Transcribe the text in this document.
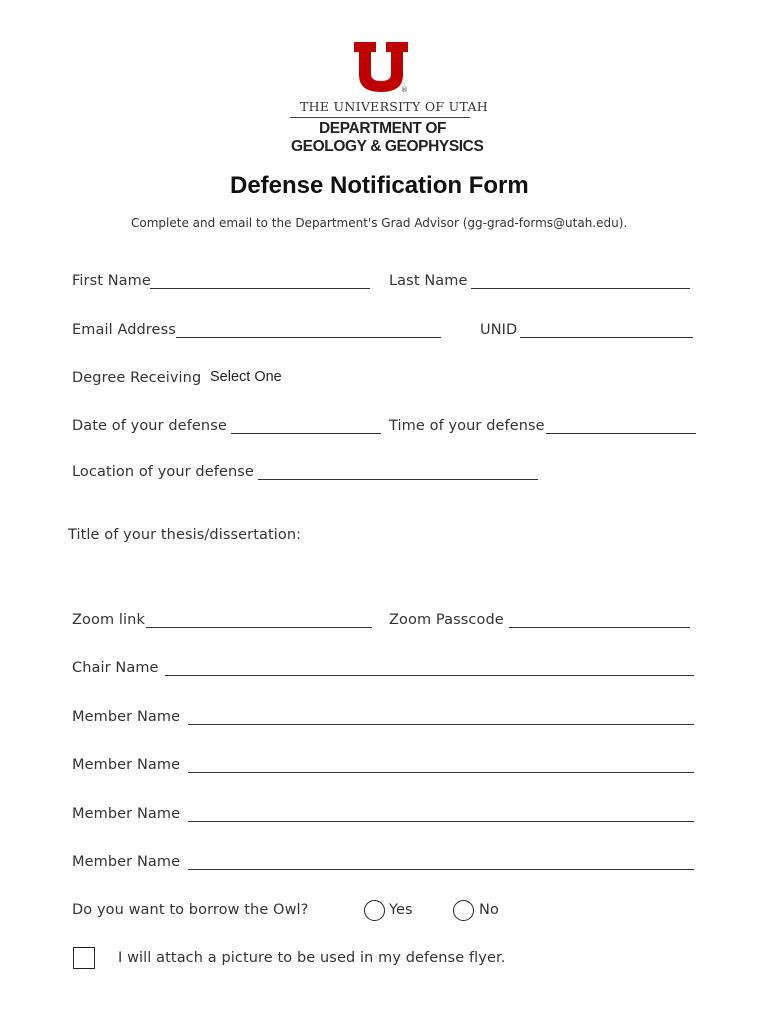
®
THE UNIVERSITY OF UTAH
DEPARTMENT OF
GEOLOGY & GEOPHYSICS
Defense Notification Form
Complete and email to the Department's Grad Advisor (gg-grad-forms@utah.edu).
First Name	Last Name
Email Address	UNID
Degree Receiving Select One
Date of your defense	Time of your defense
Location of your defense
Title of your thesis/dissertation:
Zoom link	Zoom Passcode
Chair Name
Member Name
Member Name
Member Name
Member Name
Do you want to borrow the Owl?	Yes	No
I will attach a picture to be used in my defense flyer.
